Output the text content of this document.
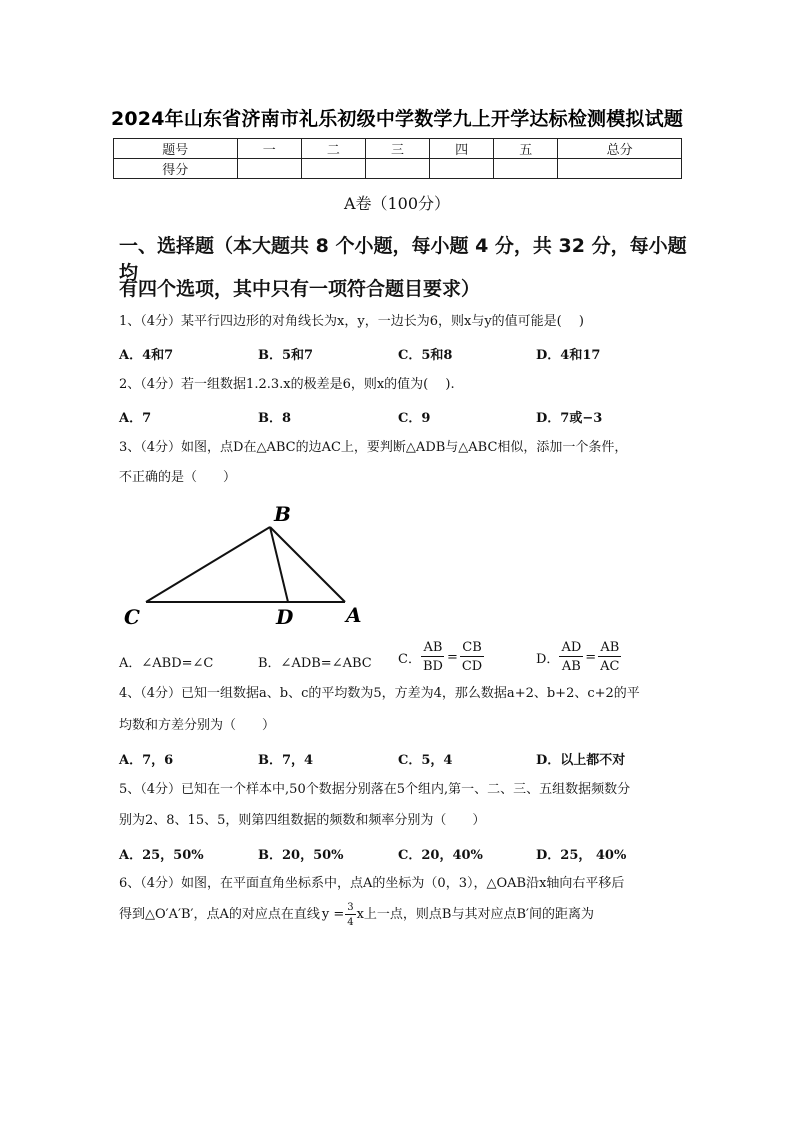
2024年山东省济南市礼乐初级中学数学九上开学达标检测模拟试题
题号	一	二	三	四	五	总分
得分						
A卷（100分）
一、选择题（本大题共 8 个小题，每小题 4 分，共 32 分，每小题均
有四个选项，其中只有一项符合题目要求）
1、（4分）某平行四边形的对角线长为x，y，一边长为6，则x与y的值可能是(　 )
A．4和7	B．5和7	C．5和8	D．4和17
2、（4分）若一组数据1.2.3.x的极差是6，则x的值为(　 ).
A．7	B．8	C．9	D．7或−3
3、（4分）如图，点D在△ABC的边AC上，要判断△ADB与△ABC相似，添加一个条件，
不正确的是（　　）
B
C	D	A
A．∠ABD=∠C	B．∠ADB=∠ABC C． $\frac{AB}{BD} = \frac{CB}{CD}$	D． $\frac{AD}{AB} = \frac{AB}{AC}$
4、（4分）已知一组数据a、b、c的平均数为5，方差为4，那么数据a+2、b+2、c+2的平
均数和方差分别为（　　）
A．7，6	B．7，4	C．5，4	D．以上都不对
5、（4分）已知在一个样本中,50个数据分别落在5个组内,第一、二、三、五组数据频数分
别为2、8、15、5，则第四组数据的频数和频率分别为（　　）
A．25，50%	B．20，50%	C．20，40%	D．25， 40%
6、（4分）如图，在平面直角坐标系中，点A的坐标为（0，3），△OAB沿x轴向右平移后
得到△O′A′B′，点A的对应点在直线 $y = \frac{3}{4}$ x上一点，则点B与其对应点B′间的距离为
